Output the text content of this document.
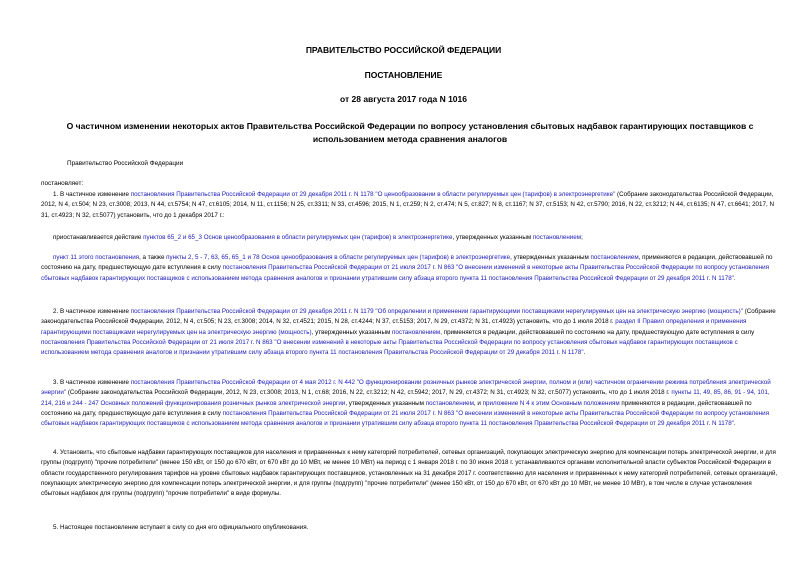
ПРАВИТЕЛЬСТВО РОССИЙСКОЙ ФЕДЕРАЦИИ
ПОСТАНОВЛЕНИЕ
от 28 августа 2017 года N 1016
О частичном изменении некоторых актов Правительства Российской Федерации по вопросу установления сбытовых надбавок гарантирующих поставщиков с использованием метода сравнения аналогов
Правительство Российской Федерации
постановляет:

1. В частичное изменение постановления Правительства Российской Федерации от 29 декабря 2011 г. N 1178 "О ценообразовании в области регулируемых цен (тарифов) в электроэнергетике" (Собрание законодательства Российской Федерации, 2012, N 4, ст.504; N 23, ст.3008; 2013, N 44, ст.5754; N 47, ст.6105; 2014, N 11, ст.1156; N 25, ст.3311; N 33, ст.4596; 2015, N 1, ст.259; N 2, ст.474; N 5, ст.827; N 8, ст.1167; N 37, ст.5153; N 42, ст.5790; 2016, N 22, ст.3212; N 44, ст.6135; N 47, ст.6641; 2017, N 31, ст.4923; N 32, ст.5077) установить, что до 1 декабря 2017 г.:

приостанавливается действие пунктов 65_2 и 65_3 Основ ценообразования в области регулируемых цен (тарифов) в электроэнергетике, утвержденных указанным постановлением;

пункт 11 этого постановления, а также пункты 2, 5 - 7, 63, 65, 65_1 и 78 Основ ценообразования в области регулируемых цен (тарифов) в электроэнергетике, утвержденных указанным постановлением, применяются в редакции, действовавшей по состоянию на дату, предшествующую дате вступления в силу постановления Правительства Российской Федерации от 21 июля 2017 г. N 863 "О внесении изменений в некоторые акты Правительства Российской Федерации по вопросу установления сбытовых надбавок гарантирующих поставщиков с использованием метода сравнения аналогов и признании утратившим силу абзаца второго пункта 11 постановления Правительства Российской Федерации от 29 декабря 2011 г. N 1178".

2. В частичное изменение постановления Правительства Российской Федерации от 29 декабря 2011 г. N 1179 "Об определении и применении гарантирующими поставщиками нерегулируемых цен на электрическую энергию (мощность)" (Собрание законодательства Российской Федерации, 2012, N 4, ст.505; N 23, ст.3008; 2014, N 32, ст.4521; 2015, N 28, ст.4244; N 37, ст.5153; 2017, N 29, ст.4372; N 31, ст.4923) установить, что до 1 июля 2018 г. раздел II Правил определения и применения гарантирующими поставщиками нерегулируемых цен на электрическую энергию (мощность), утвержденных указанным постановлением, применяется в редакции, действовавшей по состоянию на дату, предшествующую дате вступления в силу постановления Правительства Российской Федерации от 21 июля 2017 г. N 863 "О внесении изменений в некоторые акты Правительства Российской Федерации по вопросу установления сбытовых надбавок гарантирующих поставщиков с использованием метода сравнения аналогов и признании утратившим силу абзаца второго пункта 11 постановления Правительства Российской Федерации от 29 декабря 2011 г. N 1178".

3. В частичное изменение постановления Правительства Российской Федерации от 4 мая 2012 г. N 442 "О функционировании розничных рынков электрической энергии, полном и (или) частичном ограничении режима потребления электрической энергии" (Собрание законодательства Российской Федерации, 2012, N 23, ст.3008; 2013, N 1, ст.68; 2016, N 22, ст.3212; N 42, ст.5942; 2017, N 29, ст.4372; N 31, ст.4923; N 32, ст.5077) установить, что до 1 июля 2018 г. пункты 11, 49, 85, 86, 91 - 94, 101, 214, 216 и 244 - 247 Основных положений функционирования розничных рынков электрической энергии, утвержденных указанным постановлением, и приложение N 4 к этим Основным положениям применяются в редакции, действовавшей по состоянию на дату, предшествующую дате вступления в силу постановления Правительства Российской Федерации от 21 июля 2017 г. N 863 "О внесении изменений в некоторые акты Правительства Российской Федерации по вопросу установления сбытовых надбавок гарантирующих поставщиков с использованием метода сравнения аналогов и признании утратившим силу абзаца второго пункта 11 постановления Правительства Российской Федерации от 29 декабря 2011 г. N 1178".

4. Установить, что сбытовые надбавки гарантирующих поставщиков для населения и приравненных к нему категорий потребителей, сетевых организаций, покупающих электрическую энергию для компенсации потерь электрической энергии, и для группы (подгрупп) "прочие потребители" (менее 150 кВт, от 150 до 670 кВт, от 670 кВт до 10 МВт, не менее 10 МВт) на период с 1 января 2018 г. по 30 июня 2018 г. устанавливаются органами исполнительной власти субъектов Российской Федерации в области государственного регулирования тарифов на уровне сбытовых надбавок гарантирующих поставщиков, установленных на 31 декабря 2017 г. соответственно для населения и приравненных к нему категорий потребителей, сетевых организаций, покупающих электрическую энергию для компенсации потерь электрической энергии, и для группы (подгрупп) "прочие потребители" (менее 150 кВт, от 150 до 670 кВт, от 670 кВт до 10 МВт, не менее 10 МВт), в том числе в случае установления сбытовых надбавок для группы (подгрупп) "прочие потребители" в виде формулы.

5. Настоящее постановление вступает в силу со дня его официального опубликования.
